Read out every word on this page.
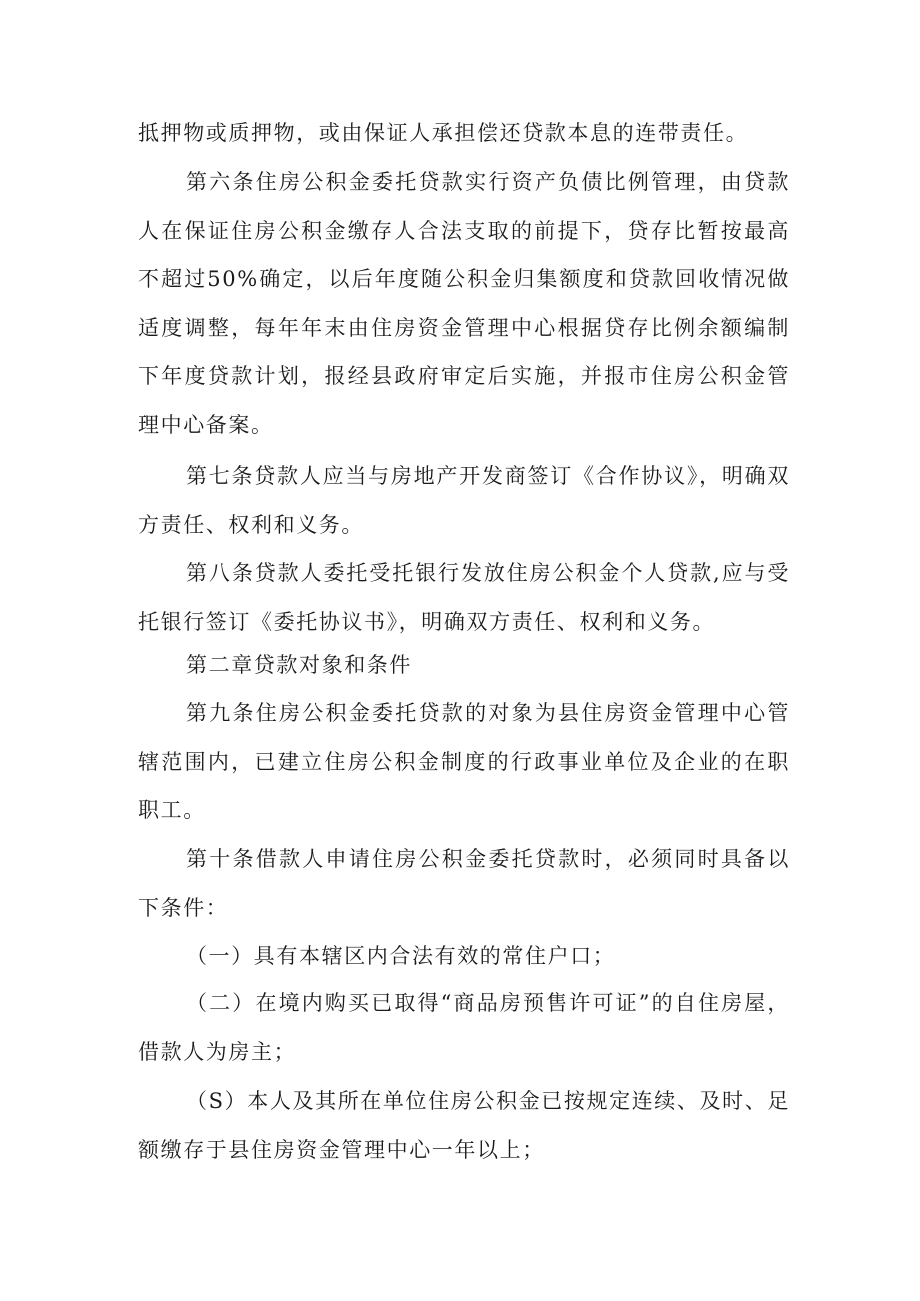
抵押物或质押物，或由保证人承担偿还贷款本息的连带责任。

第六条住房公积金委托贷款实行资产负债比例管理，由贷款人在保证住房公积金缴存人合法支取的前提下，贷存比暂按最高不超过50%确定，以后年度随公积金归集额度和贷款回收情况做适度调整，每年年末由住房资金管理中心根据贷存比例余额编制下年度贷款计划，报经县政府审定后实施，并报市住房公积金管理中心备案。

第七条贷款人应当与房地产开发商签订《合作协议》，明确双方责任、权利和义务。

第八条贷款人委托受托银行发放住房公积金个人贷款,应与受托银行签订《委托协议书》，明确双方责任、权利和义务。

第二章贷款对象和条件

第九条住房公积金委托贷款的对象为县住房资金管理中心管辖范围内，已建立住房公积金制度的行政事业单位及企业的在职职工。

第十条借款人申请住房公积金委托贷款时，必须同时具备以下条件：

（一）具有本辖区内合法有效的常住户口；

（二）在境内购买已取得“商品房预售许可证”的自住房屋，借款人为房主；

（S）本人及其所在单位住房公积金已按规定连续、及时、足额缴存于县住房资金管理中心一年以上；
